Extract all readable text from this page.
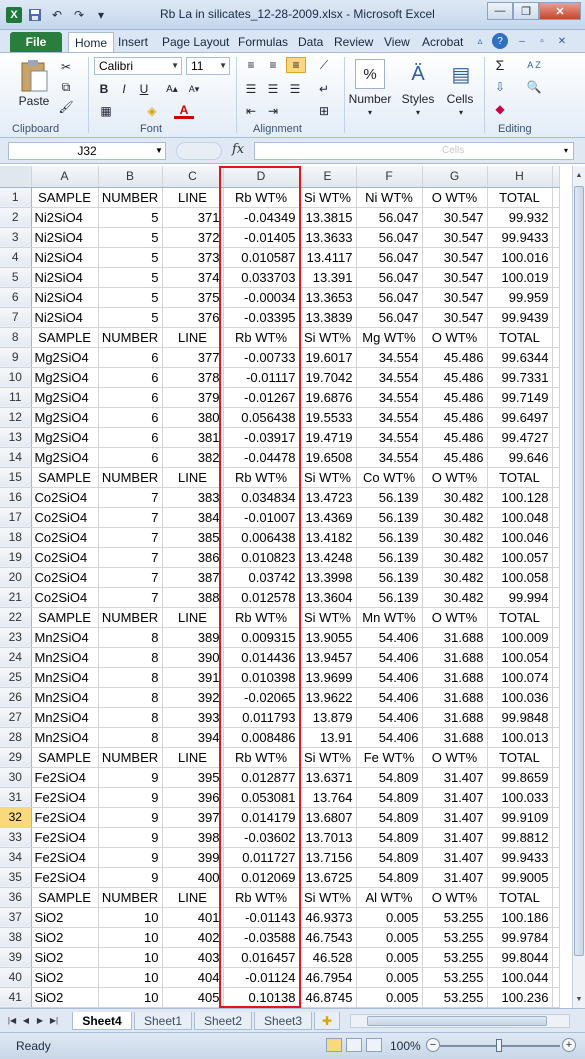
X	↶ ↷	▾	Rb La in silicates_12-28-2009.xlsx - Microsoft Excel	—	❐	✕
File	Home Insert	Page Layout Formulas Data Review View	Acrobat	▵	?	–	▫	✕
Paste
✂
⧉
🖌
Clipboard
Calibri	▼	11 ▼
B	I	U	A▴	A▾
▦	◈	A
Font
≡	≡	≡	⟋
☰ ☰ ☰	↵
⇤ ⇥	⊞
Alignment
%
Number
▾
Ä
Styles
▾
▤
Cells
▾
Σ	A Z
⇩	🔍
◆
Editing
J32	▼	fx	Cells	▾
	A	B	C	D	E	F	G	H	
1	SAMPLE	NUMBER	LINE	Rb WT%	Si WT%	Ni WT%	O WT%	TOTAL	
2	Ni2SiO4	5	371	-0.04349	13.3815	56.047	30.547	99.932	
3	Ni2SiO4	5	372	-0.01405	13.3633	56.047	30.547	99.9433	
4	Ni2SiO4	5	373	0.010587	13.4117	56.047	30.547	100.016	
5	Ni2SiO4	5	374	0.033703	13.391	56.047	30.547	100.019	
6	Ni2SiO4	5	375	-0.00034	13.3653	56.047	30.547	99.959	
7	Ni2SiO4	5	376	-0.03395	13.3839	56.047	30.547	99.9439	
8	SAMPLE	NUMBER	LINE	Rb WT%	Si WT%	Mg WT%	O WT%	TOTAL	
9	Mg2SiO4	6	377	-0.00733	19.6017	34.554	45.486	99.6344	
10	Mg2SiO4	6	378	-0.01117	19.7042	34.554	45.486	99.7331	
11	Mg2SiO4	6	379	-0.01267	19.6876	34.554	45.486	99.7149	
12	Mg2SiO4	6	380	0.056438	19.5533	34.554	45.486	99.6497	
13	Mg2SiO4	6	381	-0.03917	19.4719	34.554	45.486	99.4727	
14	Mg2SiO4	6	382	-0.04478	19.6508	34.554	45.486	99.646	
15	SAMPLE	NUMBER	LINE	Rb WT%	Si WT%	Co WT%	O WT%	TOTAL	
16	Co2SiO4	7	383	0.034834	13.4723	56.139	30.482	100.128	
17	Co2SiO4	7	384	-0.01007	13.4369	56.139	30.482	100.048	
18	Co2SiO4	7	385	0.006438	13.4182	56.139	30.482	100.046	
19	Co2SiO4	7	386	0.010823	13.4248	56.139	30.482	100.057	
20	Co2SiO4	7	387	0.03742	13.3998	56.139	30.482	100.058	
21	Co2SiO4	7	388	0.012578	13.3604	56.139	30.482	99.994	
22	SAMPLE	NUMBER	LINE	Rb WT%	Si WT%	Mn WT%	O WT%	TOTAL	
23	Mn2SiO4	8	389	0.009315	13.9055	54.406	31.688	100.009	
24	Mn2SiO4	8	390	0.014436	13.9457	54.406	31.688	100.054	
25	Mn2SiO4	8	391	0.010398	13.9699	54.406	31.688	100.074	
26	Mn2SiO4	8	392	-0.02065	13.9622	54.406	31.688	100.036	
27	Mn2SiO4	8	393	0.011793	13.879	54.406	31.688	99.9848	
28	Mn2SiO4	8	394	0.008486	13.91	54.406	31.688	100.013	
29	SAMPLE	NUMBER	LINE	Rb WT%	Si WT%	Fe WT%	O WT%	TOTAL	
30	Fe2SiO4	9	395	0.012877	13.6371	54.809	31.407	99.8659	
31	Fe2SiO4	9	396	0.053081	13.764	54.809	31.407	100.033	
32	Fe2SiO4	9	397	0.014179	13.6807	54.809	31.407	99.9109	
33	Fe2SiO4	9	398	-0.03602	13.7013	54.809	31.407	99.8812	
34	Fe2SiO4	9	399	0.011727	13.7156	54.809	31.407	99.9433	
35	Fe2SiO4	9	400	0.012069	13.6725	54.809	31.407	99.9005	
36	SAMPLE	NUMBER	LINE	Rb WT%	Si WT%	Al WT%	O WT%	TOTAL	
37	SiO2	10	401	-0.01143	46.9373	0.005	53.255	100.186	
38	SiO2	10	402	-0.03588	46.7543	0.005	53.255	99.9784	
39	SiO2	10	403	0.016457	46.528	0.005	53.255	99.8044	
40	SiO2	10	404	-0.01124	46.7954	0.005	53.255	100.044	
41	SiO2	10	405	0.10138	46.8745	0.005	53.255	100.236	
▲
▼
|◀ ◀ ▶ ▶|	Sheet4	Sheet1	Sheet2	Sheet3	✚
Ready	100% −	+
